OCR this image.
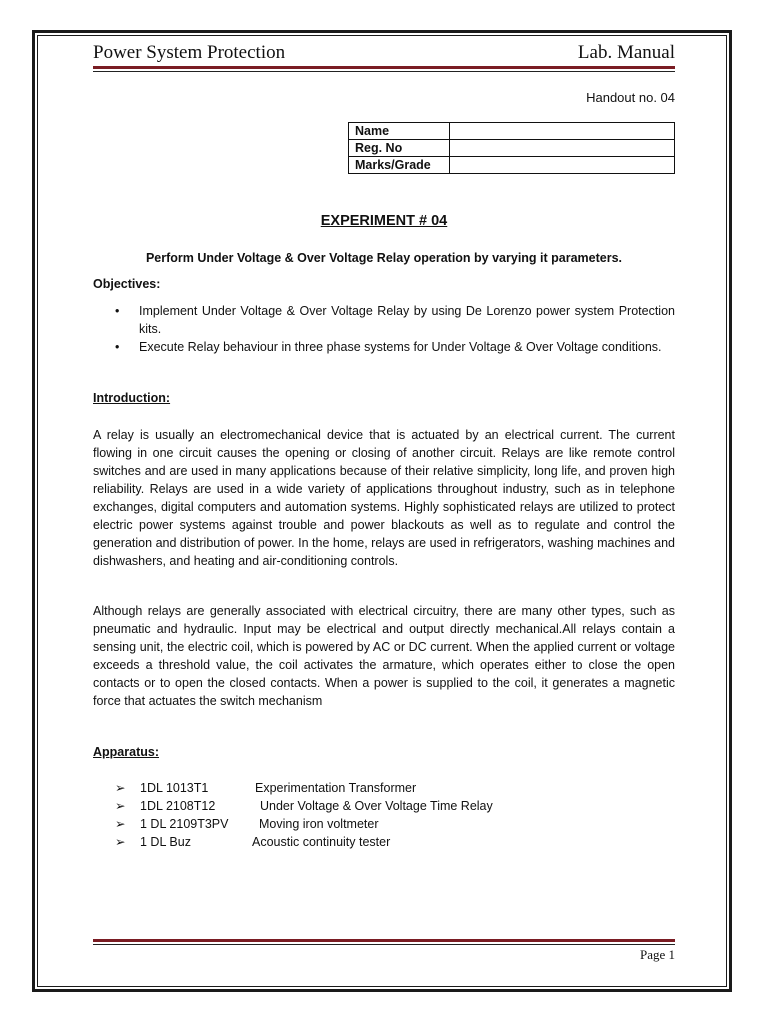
Power System Protection	Lab. Manual
Handout no. 04
Name	
Reg. No	
Marks/Grade	
EXPERIMENT # 04
Perform Under Voltage & Over Voltage Relay operation by varying it parameters.
Objectives:
• Implement Under Voltage & Over Voltage Relay by using De Lorenzo power system Protection kits.
• Execute Relay behaviour in three phase systems for Under Voltage & Over Voltage conditions.
Introduction:

A relay is usually an electromechanical device that is actuated by an electrical current. The current flowing in one circuit causes the opening or closing of another circuit. Relays are like remote control switches and are used in many applications because of their relative simplicity, long life, and proven high reliability. Relays are used in a wide variety of applications throughout industry, such as in telephone exchanges, digital computers and automation systems. Highly sophisticated relays are utilized to protect electric power systems against trouble and power blackouts as well as to regulate and control the generation and distribution of power. In the home, relays are used in refrigerators, washing machines and dishwashers, and heating and air-conditioning controls.

Although relays are generally associated with electrical circuitry, there are many other types, such as pneumatic and hydraulic. Input may be electrical and output directly mechanical.All relays contain a sensing unit, the electric coil, which is powered by AC or DC current. When the applied current or voltage exceeds a threshold value, the coil activates the armature, which operates either to close the open contacts or to open the closed contacts. When a power is supplied to the coil, it generates a magnetic force that actuates the switch mechanism

Apparatus:
➢ 1DL 1013T1	Experimentation Transformer
➢ 1DL 2108T12	Under Voltage & Over Voltage Time Relay
➢ 1 DL 2109T3PV Moving iron voltmeter
➢ 1 DL Buz	Acoustic continuity tester
Page 1
